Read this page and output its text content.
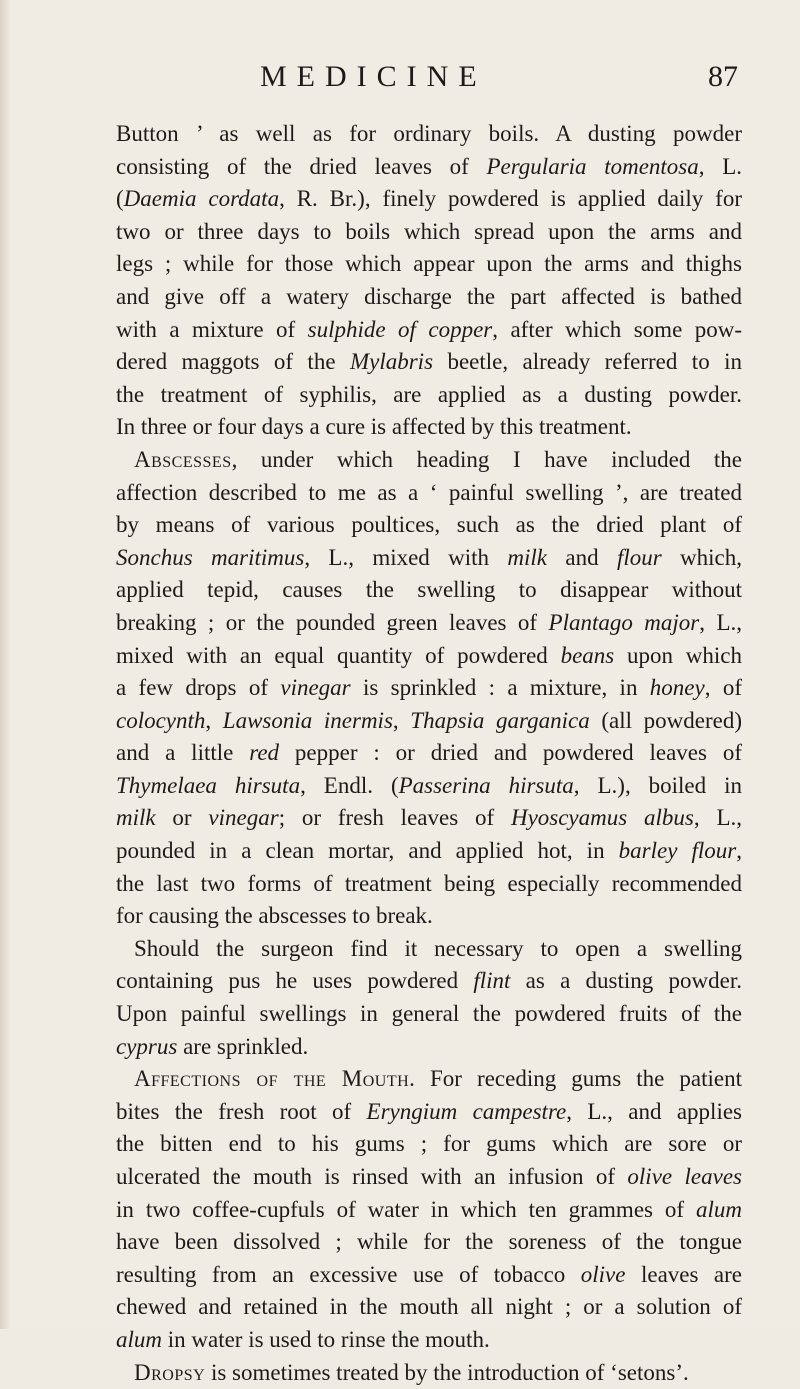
MEDICINE	87
Button ’ as well as for ordinary boils. A dusting powder
consisting of the dried leaves of Pergularia tomentosa, L.
(Daemia cordata, R. Br.), finely powdered is applied daily for
two or three days to boils which spread upon the arms and
legs ; while for those which appear upon the arms and thighs
and give off a watery discharge the part affected is bathed
with a mixture of sulphide of copper, after which some pow-
dered maggots of the Mylabris beetle, already referred to in
the treatment of syphilis, are applied as a dusting powder.
In three or four days a cure is affected by this treatment.
Abscesses, under which heading I have included the
affection described to me as a ‘ painful swelling ’, are treated
by means of various poultices, such as the dried plant of
Sonchus maritimus, L., mixed with milk and flour which,
applied tepid, causes the swelling to disappear without
breaking ; or the pounded green leaves of Plantago major, L.,
mixed with an equal quantity of powdered beans upon which
a few drops of vinegar is sprinkled : a mixture, in honey, of
colocynth, Lawsonia inermis, Thapsia garganica (all powdered)
and a little red pepper : or dried and powdered leaves of
Thymelaea hirsuta, Endl. (Passerina hirsuta, L.), boiled in
milk or vinegar; or fresh leaves of Hyoscyamus albus, L.,
pounded in a clean mortar, and applied hot, in barley flour,
the last two forms of treatment being especially recommended
for causing the abscesses to break.
Should the surgeon find it necessary to open a swelling
containing pus he uses powdered flint as a dusting powder.
Upon painful swellings in general the powdered fruits of the
cyprus are sprinkled.
Affections of the Mouth. For receding gums the patient
bites the fresh root of Eryngium campestre, L., and applies
the bitten end to his gums ; for gums which are sore or
ulcerated the mouth is rinsed with an infusion of olive leaves
in two coffee-cupfuls of water in which ten grammes of alum
have been dissolved ; while for the soreness of the tongue
resulting from an excessive use of tobacco olive leaves are
chewed and retained in the mouth all night ; or a solution of
alum in water is used to rinse the mouth.
Dropsy is sometimes treated by the introduction of ‘setons’.
